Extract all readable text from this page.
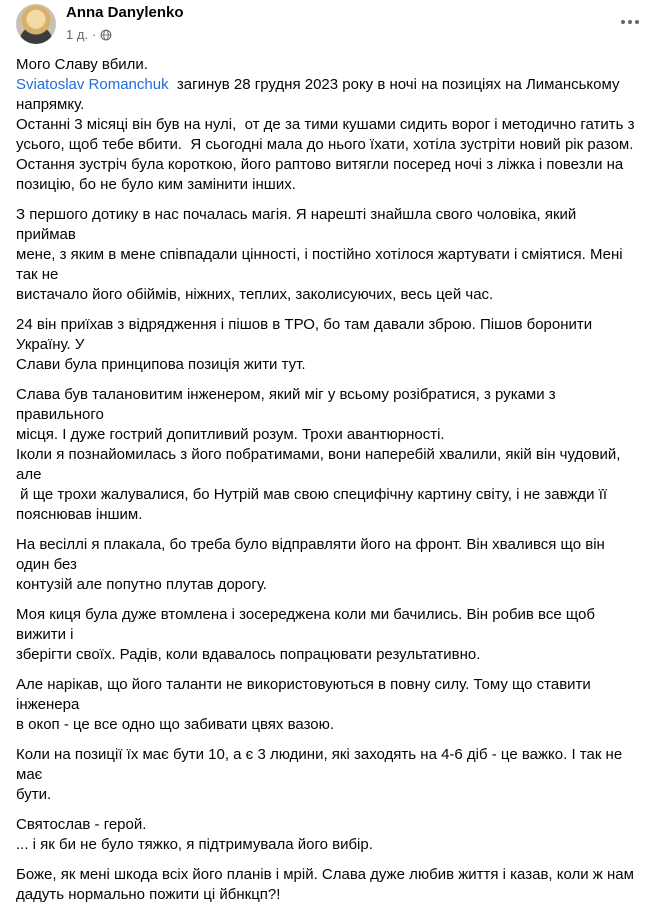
Anna Danylenko
1 д. ·

Мого Славу вбили.
Sviatoslav Romanchuk  загинув 28 грудня 2023 року в ночі на позиціях на Лиманському
напрямку.
Останні 3 місяці він був на нулі,  от де за тими кушами сидить ворог і методично гатить з
усього, щоб тебе вбити.  Я сьогодні мала до нього їхати, хотіла зустріти новий рік разом.
Остання зустріч була короткою, його раптово витягли посеред ночі з ліжка і повезли на
позицію, бо не було ким замінити інших.

З першого дотику в нас почалась магія. Я нарешті знайшла свого чоловіка, який приймав
мене, з яким в мене співпадали цінності, і постійно хотілося жартувати і сміятися. Мені так не
вистачало його обіймів, ніжних, теплих, заколисуючих, весь цей час.

24 він приїхав з відрядження і пішов в ТРО, бо там давали зброю. Пішов боронити Україну. У
Слави була принципова позиція жити тут.

Слава був талановитим інженером, який міг у всьому розібратися, з руками з правильного
місця. І дуже гострий допитливий розум. Трохи авантюрності.
Іколи я познайомилась з його побратимами, вони наперебій хвалили, якій він чудовий, але
й ще трохи жалувалися, бо Нутрій мав свою специфічну картину світу, і не завжди її
пояснював іншим.

На весіллі я плакала, бо треба було відправляти його на фронт. Він хвалився що він один без
контузій але попутно плутав дорогу.

Моя киця була дуже втомлена і зосереджена коли ми бачились. Він робив все щоб вижити і
зберігти своїх. Радів, коли вдавалось попрацювати результативно.

Але нарікав, що його таланти не використовуються в повну силу. Тому що ставити інженера
в окоп - це все одно що забивати цвях вазою.

Коли на позиції їх має бути 10, а є 3 людини, які заходять на 4-6 діб - це важко. І так не має
бути.

Святослав - герой.
... і як би не було тяжко, я підтримувала його вибір.

Боже, як мені шкода всіх його планів і мрій. Слава дуже любив життя і казав, коли ж нам
дадуть нормально пожити ці йбнкцп?!
